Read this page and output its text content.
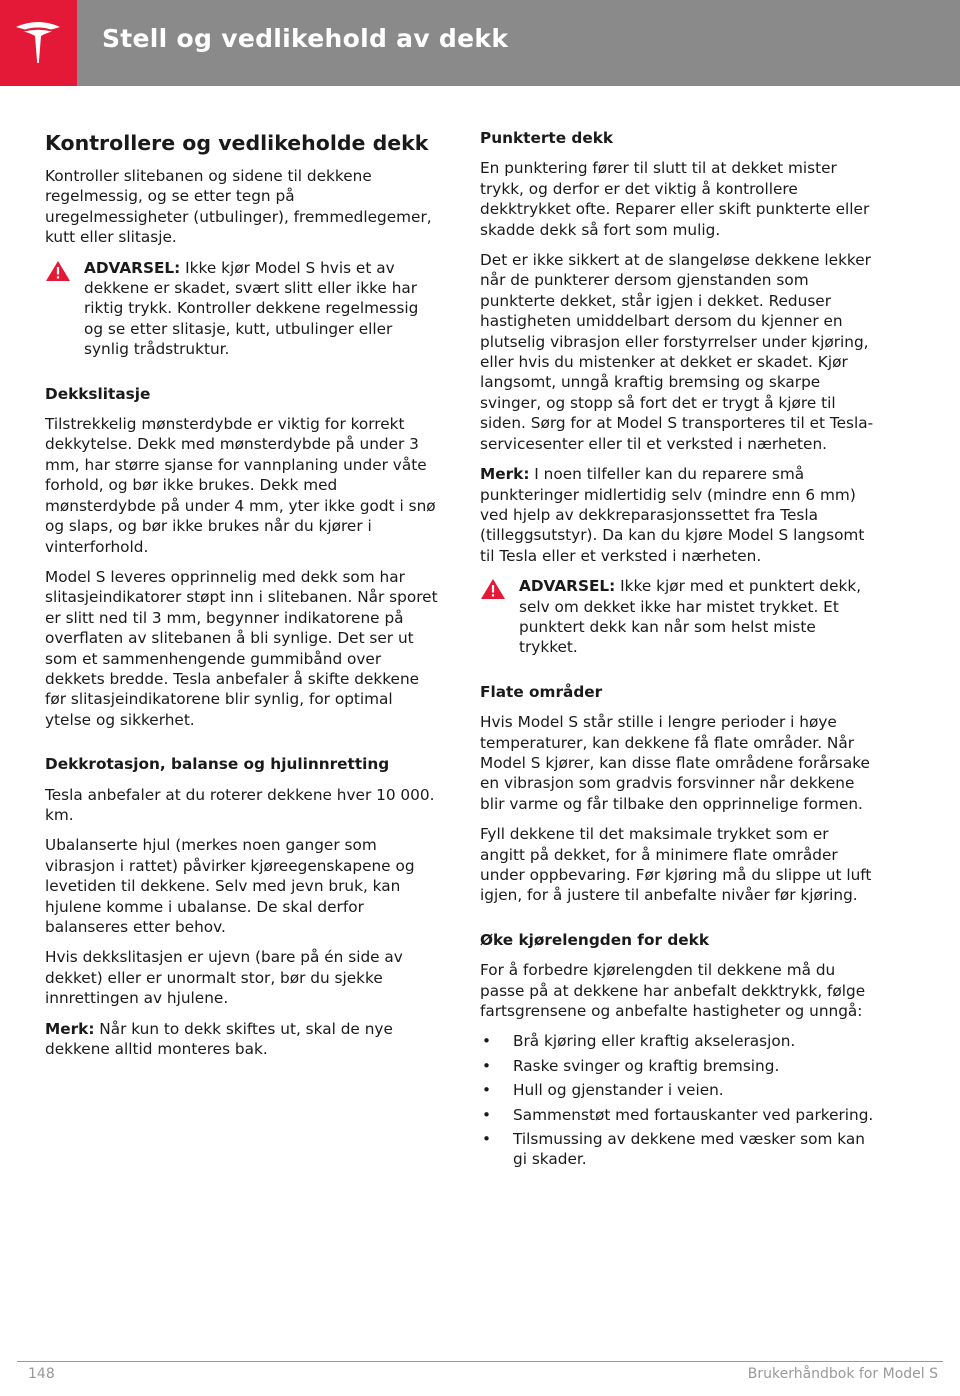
Stell og vedlikehold av dekk
Kontrollere og vedlikeholde dekk

Kontroller slitebanen og sidene til dekkene regelmessig, og se etter tegn på uregelmessigheter (utbulinger), fremmedlegemer, kutt eller slitasje.

ADVARSEL: Ikke kjør Model S hvis et av dekkene er skadet, svært slitt eller ikke har riktig trykk. Kontroller dekkene regelmessig og se etter slitasje, kutt, utbulinger eller synlig trådstruktur.

Dekkslitasje

Tilstrekkelig mønsterdybde er viktig for korrekt dekkytelse. Dekk med mønsterdybde på under 3 mm, har større sjanse for vannplaning under våte forhold, og bør ikke brukes. Dekk med mønsterdybde på under 4 mm, yter ikke godt i snø og slaps, og bør ikke brukes når du kjører i vinterforhold.

Model S leveres opprinnelig med dekk som har slitasjeindikatorer støpt inn i slitebanen. Når sporet er slitt ned til 3 mm, begynner indikatorene på overflaten av slitebanen å bli synlige. Det ser ut som et sammenhengende gummibånd over dekkets bredde. Tesla anbefaler å skifte dekkene før slitasjeindikatorene blir synlig, for optimal ytelse og sikkerhet.

Dekkrotasjon, balanse og hjulinnretting

Tesla anbefaler at du roterer dekkene hver 10 000. km.

Ubalanserte hjul (merkes noen ganger som vibrasjon i rattet) påvirker kjøreegenskapene og levetiden til dekkene. Selv med jevn bruk, kan hjulene komme i ubalanse. De skal derfor balanseres etter behov.

Hvis dekkslitasjen er ujevn (bare på én side av dekket) eller er unormalt stor, bør du sjekke innrettingen av hjulene.

Merk: Når kun to dekk skiftes ut, skal de nye dekkene alltid monteres bak.

Punkterte dekk

En punktering fører til slutt til at dekket mister trykk, og derfor er det viktig å kontrollere dekktrykket ofte. Reparer eller skift punkterte eller skadde dekk så fort som mulig.

Det er ikke sikkert at de slangeløse dekkene lekker når de punkterer dersom gjenstanden som punkterte dekket, står igjen i dekket. Reduser hastigheten umiddelbart dersom du kjenner en plutselig vibrasjon eller forstyrrelser under kjøring, eller hvis du mistenker at dekket er skadet. Kjør langsomt, unngå kraftig bremsing og skarpe svinger, og stopp så fort det er trygt å kjøre til siden. Sørg for at Model S transporteres til et Tesla-servicesenter eller til et verksted i nærheten.

Merk: I noen tilfeller kan du reparere små punkteringer midlertidig selv (mindre enn 6 mm) ved hjelp av dekkreparasjonssettet fra Tesla (tilleggsutstyr). Da kan du kjøre Model S langsomt til Tesla eller et verksted i nærheten.

ADVARSEL: Ikke kjør med et punktert dekk, selv om dekket ikke har mistet trykket. Et punktert dekk kan når som helst miste trykket.

Flate områder

Hvis Model S står stille i lengre perioder i høye temperaturer, kan dekkene få flate områder. Når Model S kjører, kan disse flate områdene forårsake en vibrasjon som gradvis forsvinner når dekkene blir varme og får tilbake den opprinnelige formen.

Fyll dekkene til det maksimale trykket som er angitt på dekket, for å minimere flate områder under oppbevaring. Før kjøring må du slippe ut luft igjen, for å justere til anbefalte nivåer før kjøring.

Øke kjørelengden for dekk

For å forbedre kjørelengden til dekkene må du passe på at dekkene har anbefalt dekktrykk, følge fartsgrensene og anbefalte hastigheter og unngå:

• Brå kjøring eller kraftig akselerasjon.
• Raske svinger og kraftig bremsing.
• Hull og gjenstander i veien.
• Sammenstøt med fortauskanter ved parkering.
• Tilsmussing av dekkene med væsker som kan gi skader.
148	Brukerhåndbok for Model S
